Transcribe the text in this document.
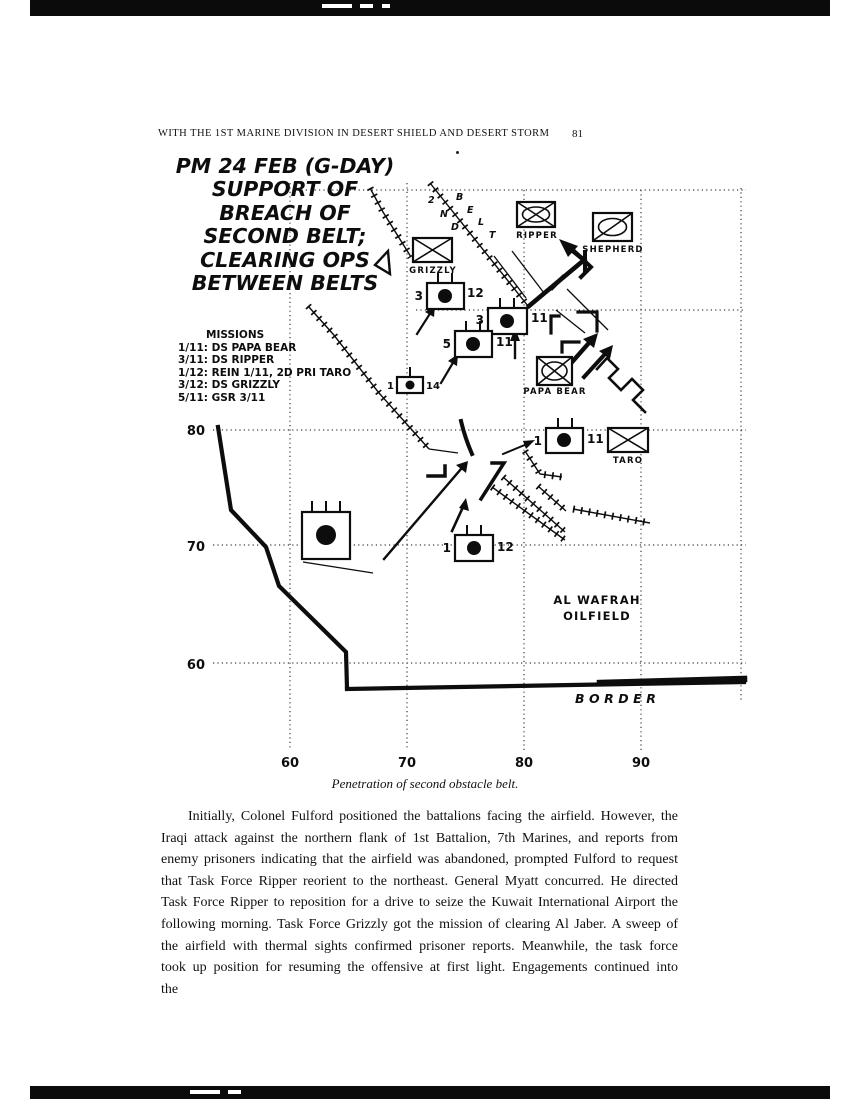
WITH THE 1ST MARINE DIVISION IN DESERT SHIELD AND DESERT STORM 81
BORDER
2
N
D
B
E
L
T
GRIZZLY
RIPPER
SHEPHERD
PAPA BEAR
TARO
3	12
3	11
5	11
1	14
1	11
1	12
AL WAFRAH
OILFIELD
80
70
60
60	70	80	90
PM 24 FEB (G-DAY)
SUPPORT OF
BREACH OF
SECOND BELT;
CLEARING OPS
BETWEEN BELTS
MISSIONS
1/11: DS PAPA BEAR
3/11: DS RIPPER
1/12: REIN 1/11, 2D PRI TARO
3/12: DS GRIZZLY
5/11: GSR 3/11
Penetration of second obstacle belt.

Initially, Colonel Fulford positioned the battalions facing the airfield. However, the Iraqi attack against the northern flank of 1st Battalion, 7th Marines, and reports from enemy prisoners indicating that the airfield was abandoned, prompted Fulford to request that Task Force Ripper reorient to the northeast. General Myatt concurred. He directed Task Force Ripper to reposition for a drive to seize the Kuwait International Airport the following morning. Task Force Grizzly got the mission of clearing Al Jaber. A sweep of the airfield with thermal sights confirmed prisoner reports. Meanwhile, the task force took up position for resuming the offensive at first light. Engagements continued into the
